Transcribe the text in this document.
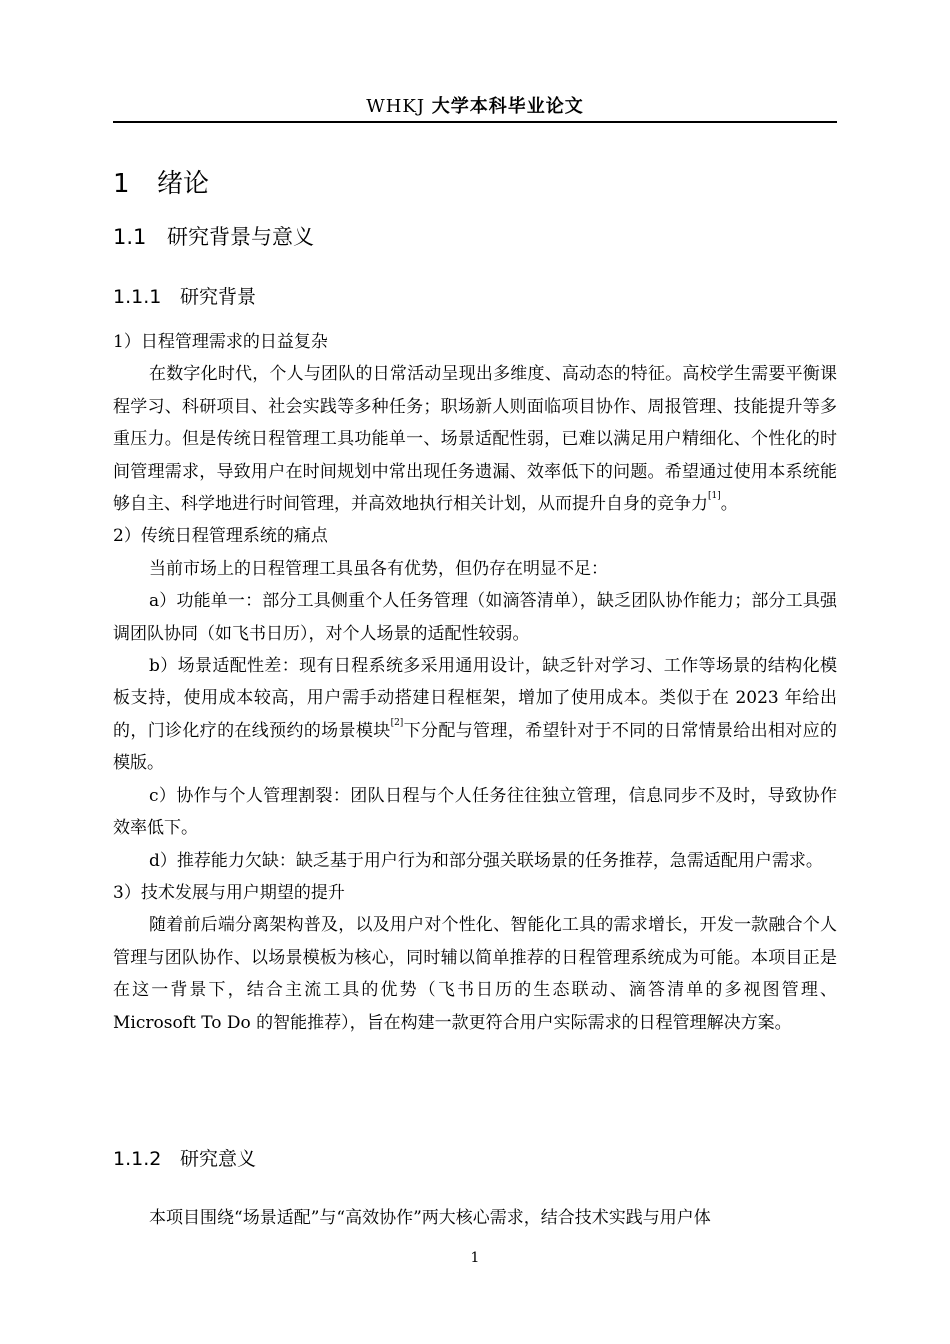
WHKJ 大学本科毕业论文
1 绪论
1.1 研究背景与意义
1.1.1 研究背景

1）日程管理需求的日益复杂

在数字化时代，个人与团队的日常活动呈现出多维度、高动态的特征。高校学生需要平衡课程学习、科研项目、社会实践等多种任务；职场新人则面临项目协作、周报管理、技能提升等多重压力。但是传统日程管理工具功能单一、场景适配性弱，已难以满足用户精细化、个性化的时间管理需求，导致用户在时间规划中常出现任务遗漏、效率低下的问题。希望通过使用本系统能够自主、科学地进行时间管理，并高效地执行相关计划，从而提升自身的竞争力[1]。

2）传统日程管理系统的痛点

当前市场上的日程管理工具虽各有优势，但仍存在明显不足：

a）功能单一：部分工具侧重个人任务管理（如滴答清单），缺乏团队协作能力；部分工具强调团队协同（如飞书日历），对个人场景的适配性较弱。

b）场景适配性差：现有日程系统多采用通用设计，缺乏针对学习、工作等场景的结构化模板支持，使用成本较高，用户需手动搭建日程框架，增加了使用成本。类似于在 2023 年给出的，门诊化疗的在线预约的场景模块[2]下分配与管理，希望针对于不同的日常情景给出相对应的模版。

c）协作与个人管理割裂：团队日程与个人任务往往独立管理，信息同步不及时，导致协作效率低下。

d）推荐能力欠缺：缺乏基于用户行为和部分强关联场景的任务推荐，急需适配用户需求。

3）技术发展与用户期望的提升

随着前后端分离架构普及，以及用户对个性化、智能化工具的需求增长，开发一款融合个人管理与团队协作、以场景模板为核心，同时辅以简单推荐的日程管理系统成为可能。本项目正是在这一背景下，结合主流工具的优势（飞书日历的生态联动、滴答清单的多视图管理、Microsoft To Do 的智能推荐），旨在构建一款更符合用户实际需求的日程管理解决方案。

1.1.2 研究意义

本项目围绕“场景适配”与“高效协作”两大核心需求，结合技术实践与用户体

1
